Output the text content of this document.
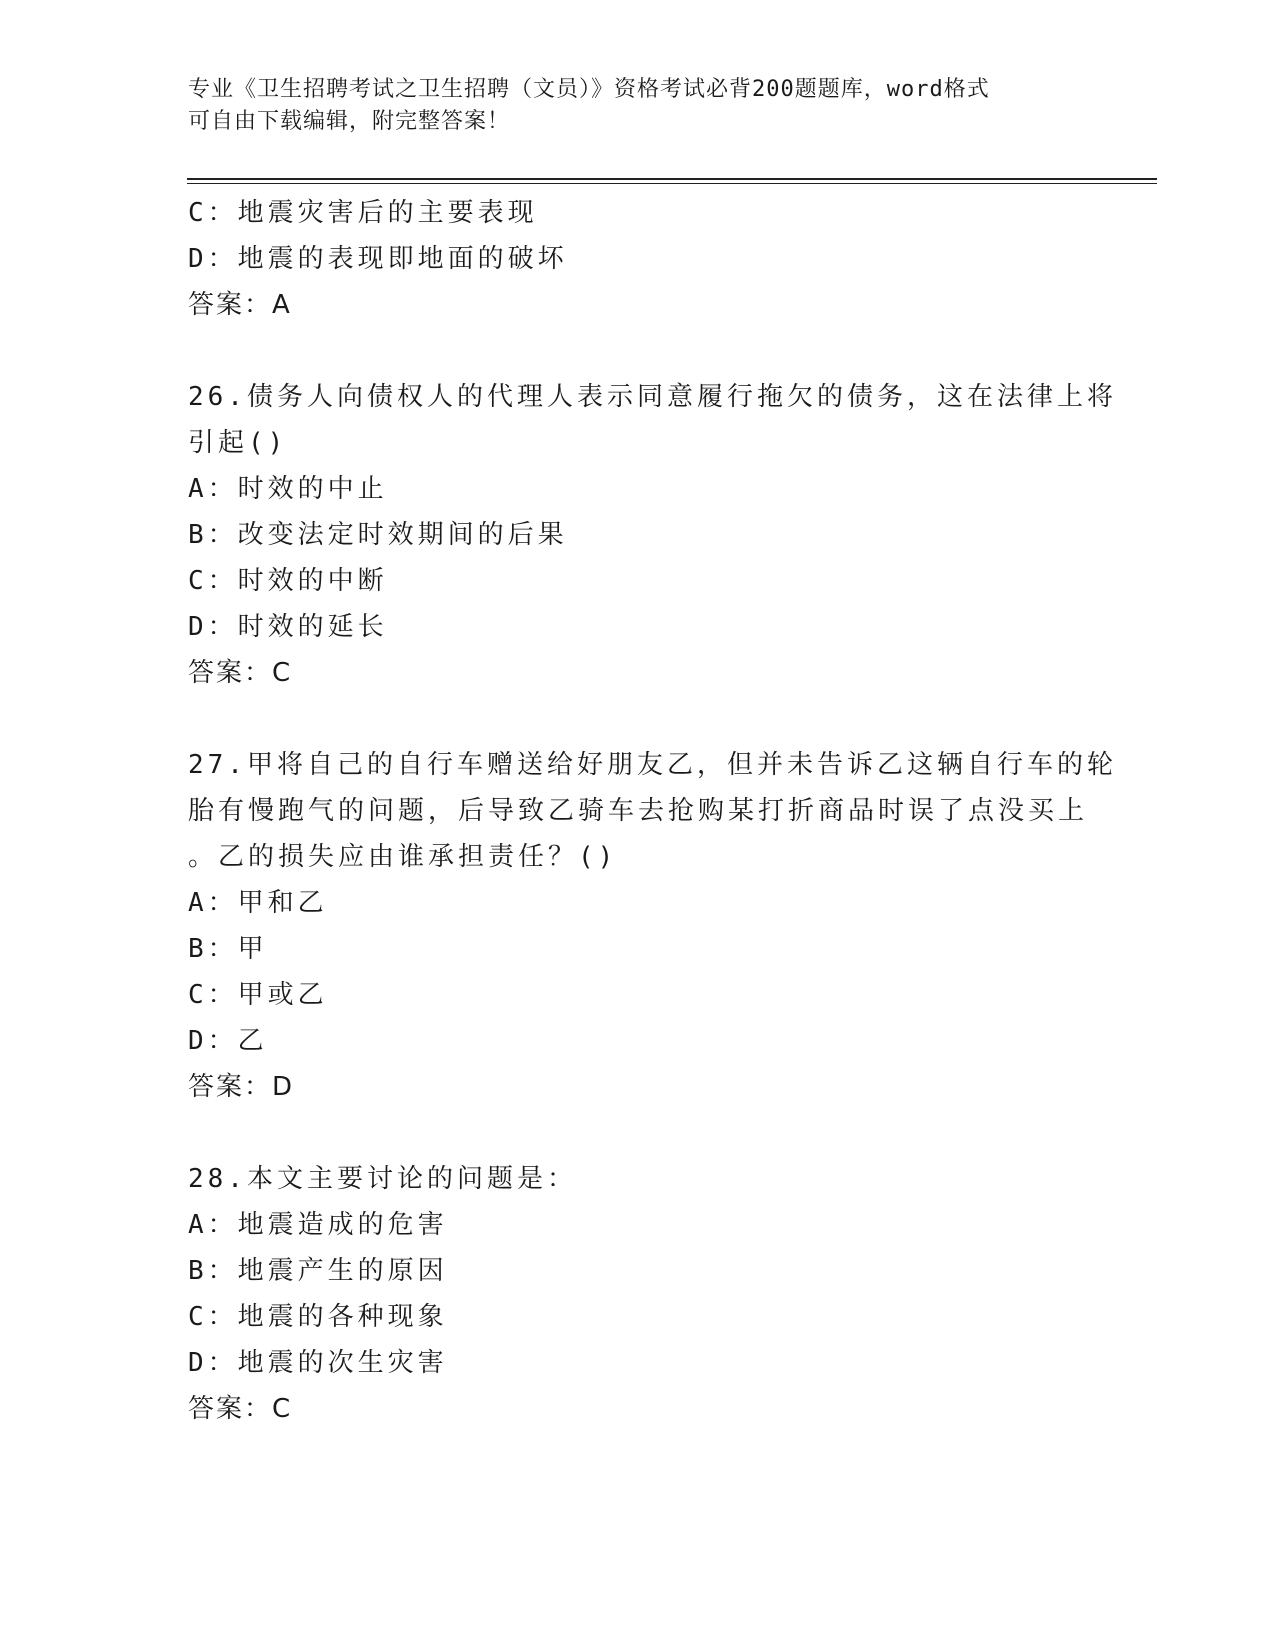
专业《卫生招聘考试之卫生招聘（文员）》资格考试必背200题题库，word格式
可自由下载编辑，附完整答案！
C：地震灾害后的主要表现
D：地震的表现即地面的破坏
答案：A
26.债务人向债权人的代理人表示同意履行拖欠的债务，这在法律上将
引起()
A：时效的中止
B：改变法定时效期间的后果
C：时效的中断
D：时效的延长
答案：C
27.甲将自己的自行车赠送给好朋友乙，但并未告诉乙这辆自行车的轮
胎有慢跑气的问题，后导致乙骑车去抢购某打折商品时误了点没买上
。乙的损失应由谁承担责任？()
A：甲和乙
B：甲
C：甲或乙
D：乙
答案：D
28.本文主要讨论的问题是：
A：地震造成的危害
B：地震产生的原因
C：地震的各种现象
D：地震的次生灾害
答案：C
